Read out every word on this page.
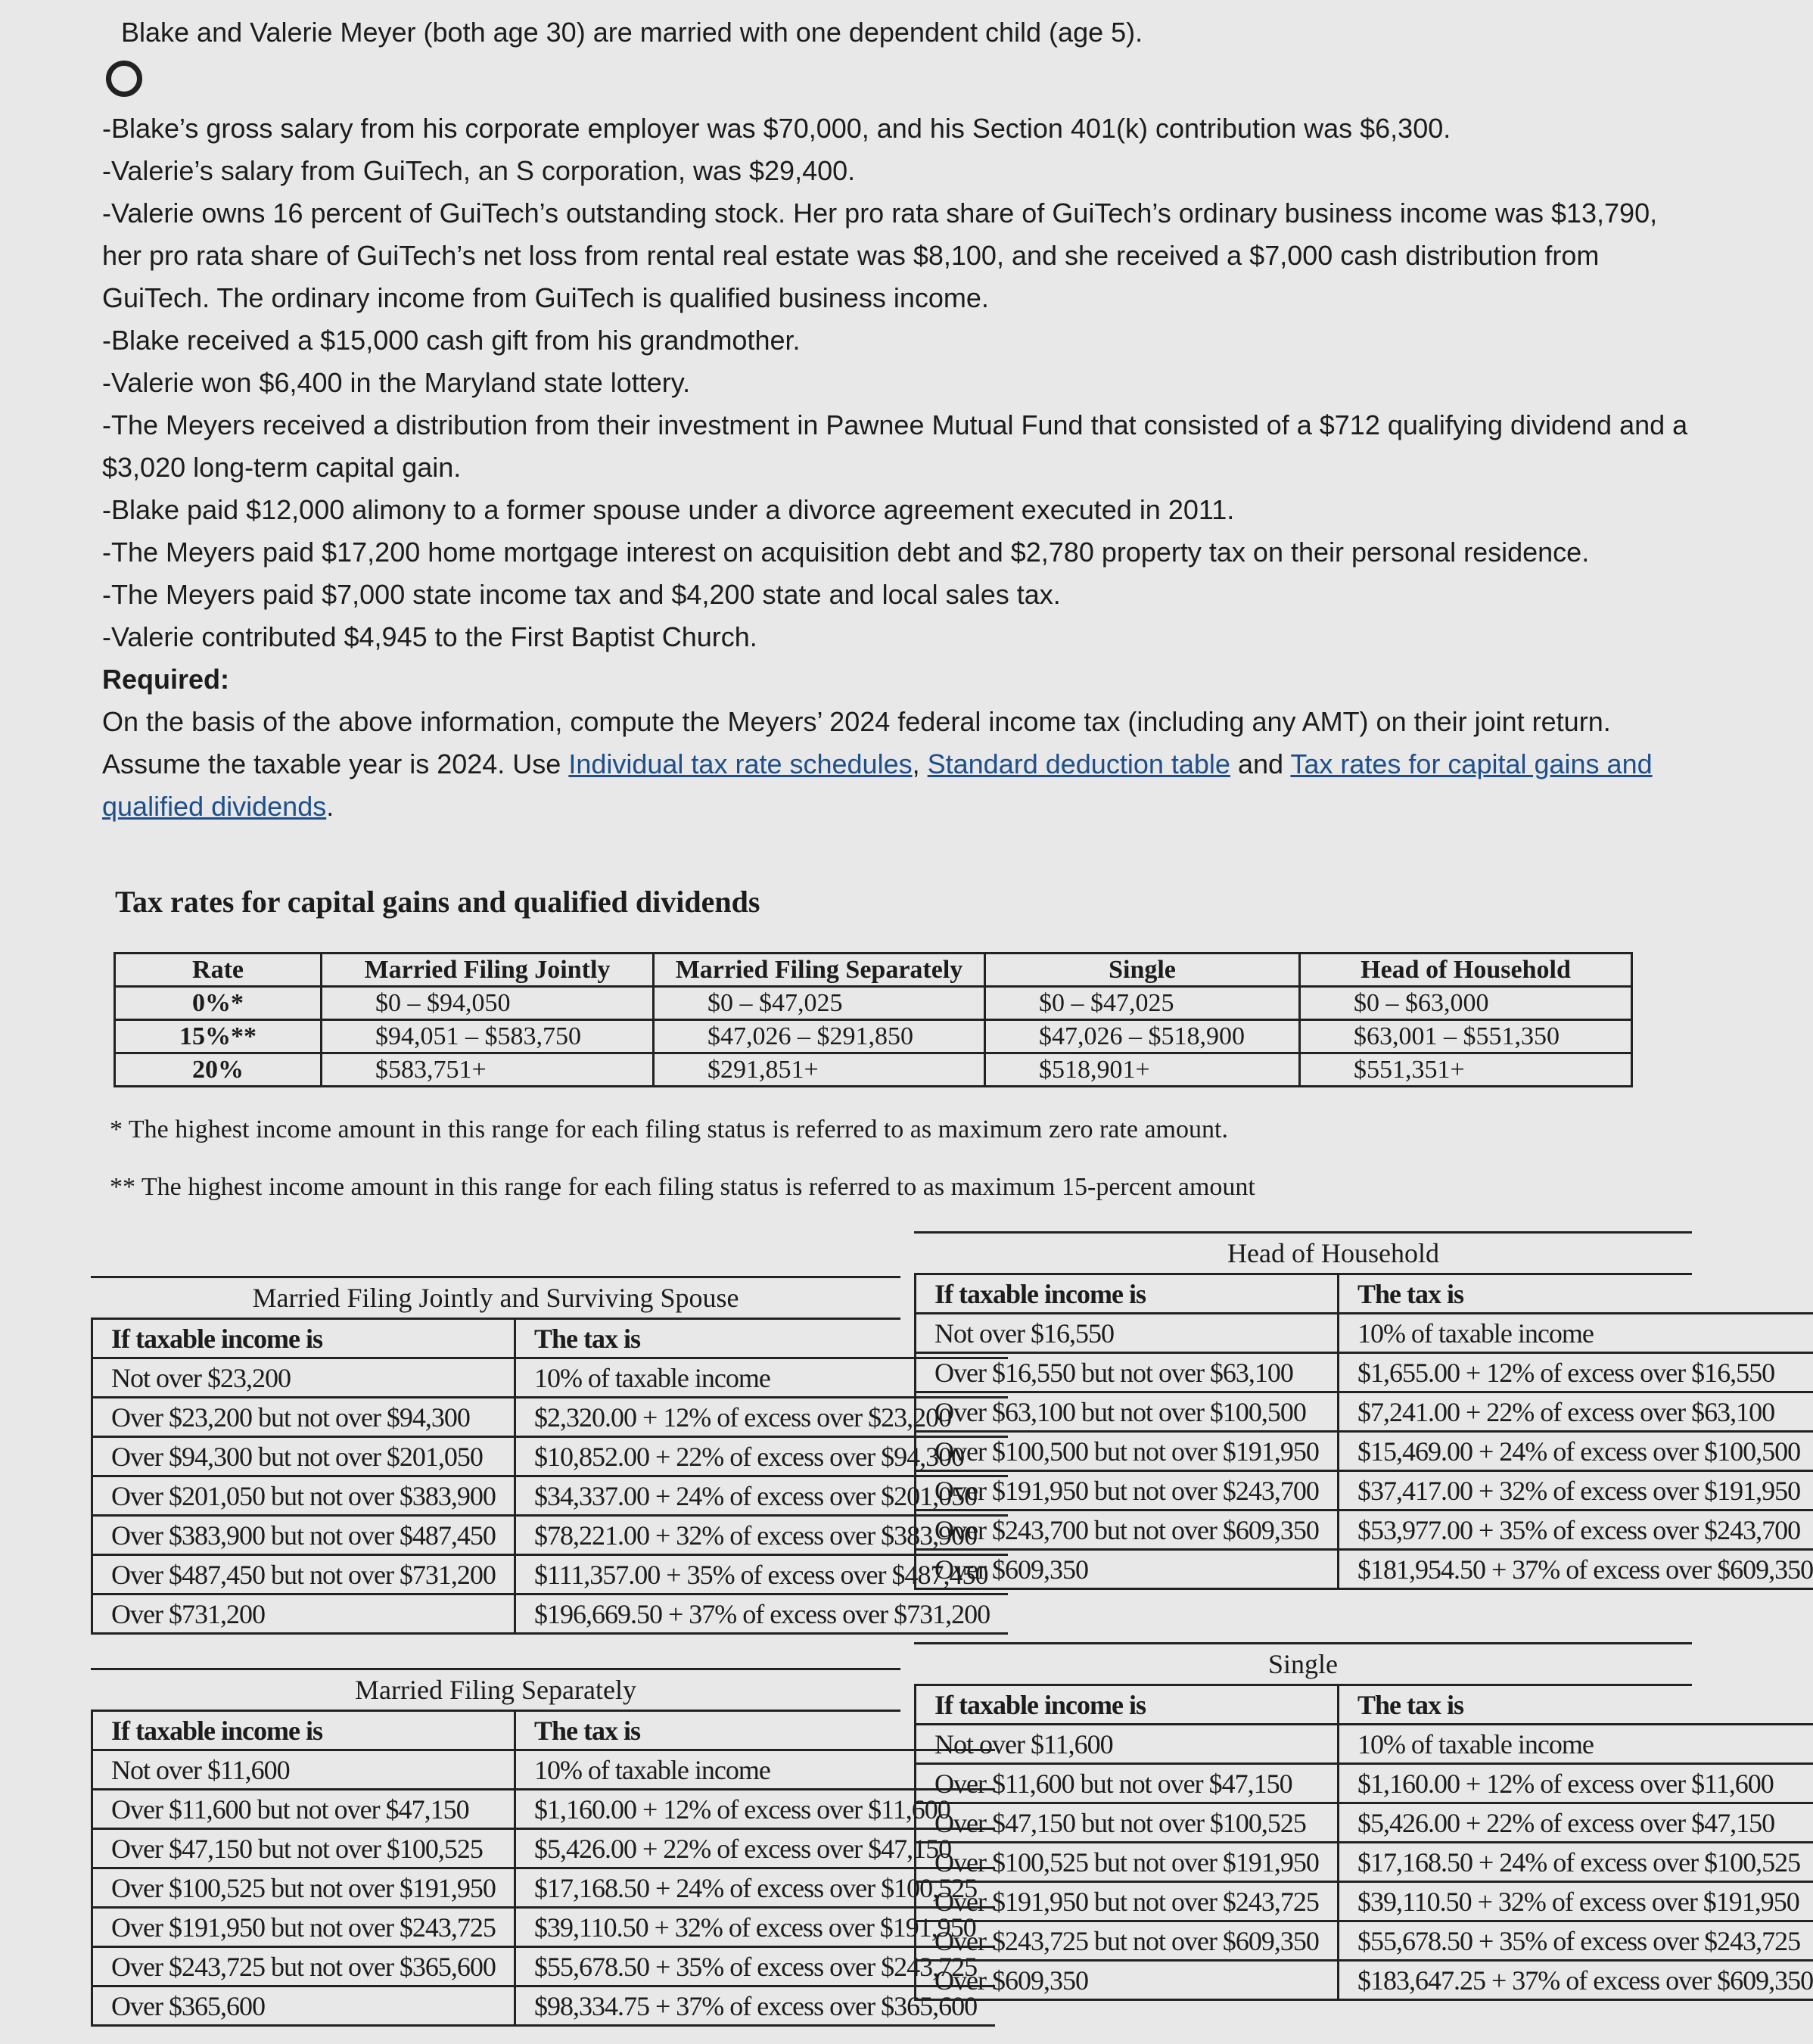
Blake and Valerie Meyer (both age 30) are married with one dependent child (age 5).

-Blake’s gross salary from his corporate employer was $70,000, and his Section 401(k) contribution was $6,300.

-Valerie’s salary from GuiTech, an S corporation, was $29,400.

-Valerie owns 16 percent of GuiTech’s outstanding stock. Her pro rata share of GuiTech’s ordinary business income was $13,790, her pro rata share of GuiTech’s net loss from rental real estate was $8,100, and she received a $7,000 cash distribution from GuiTech. The ordinary income from GuiTech is qualified business income.

-Blake received a $15,000 cash gift from his grandmother.

-Valerie won $6,400 in the Maryland state lottery.

-The Meyers received a distribution from their investment in Pawnee Mutual Fund that consisted of a $712 qualifying dividend and a $3,020 long-term capital gain.

-Blake paid $12,000 alimony to a former spouse under a divorce agreement executed in 2011.

-The Meyers paid $17,200 home mortgage interest on acquisition debt and $2,780 property tax on their personal residence.

-The Meyers paid $7,000 state income tax and $4,200 state and local sales tax.

-Valerie contributed $4,945 to the First Baptist Church.

Required:

On the basis of the above information, compute the Meyers’ 2024 federal income tax (including any AMT) on their joint return. Assume the taxable year is 2024. Use Individual tax rate schedules, Standard deduction table and Tax rates for capital gains and qualified dividends.

Tax rates for capital gains and qualified dividends
Rate	Married Filing Jointly	Married Filing Separately	Single	Head of Household
0%*	$0 – $94,050	$0 – $47,025	$0 – $47,025	$0 – $63,000
15%**	$94,051 – $583,750	$47,026 – $291,850	$47,026 – $518,900	$63,001 – $551,350
20%	$583,751+	$291,851+	$518,901+	$551,351+
* The highest income amount in this range for each filing status is referred to as maximum zero rate amount.
** The highest income amount in this range for each filing status is referred to as maximum 15-percent amount
Married Filing Jointly and Surviving Spouse
If taxable income is	The tax is
Not over $23,200	10% of taxable income
Over $23,200 but not over $94,300	$2,320.00 + 12% of excess over $23,200
Over $94,300 but not over $201,050	$10,852.00 + 22% of excess over $94,300
Over $201,050 but not over $383,900	$34,337.00 + 24% of excess over $201,050
Over $383,900 but not over $487,450	$78,221.00 + 32% of excess over $383,900
Over $487,450 but not over $731,200	$111,357.00 + 35% of excess over $487,450
Over $731,200	$196,669.50 + 37% of excess over $731,200
Head of Household
If taxable income is	The tax is
Not over $16,550	10% of taxable income
Over $16,550 but not over $63,100	$1,655.00 + 12% of excess over $16,550
Over $63,100 but not over $100,500	$7,241.00 + 22% of excess over $63,100
Over $100,500 but not over $191,950	$15,469.00 + 24% of excess over $100,500
Over $191,950 but not over $243,700	$37,417.00 + 32% of excess over $191,950
Over $243,700 but not over $609,350	$53,977.00 + 35% of excess over $243,700
Over $609,350	$181,954.50 + 37% of excess over $609,350
Married Filing Separately
If taxable income is	The tax is
Not over $11,600	10% of taxable income
Over $11,600 but not over $47,150	$1,160.00 + 12% of excess over $11,600
Over $47,150 but not over $100,525	$5,426.00 + 22% of excess over $47,150
Over $100,525 but not over $191,950	$17,168.50 + 24% of excess over $100,525
Over $191,950 but not over $243,725	$39,110.50 + 32% of excess over $191,950
Over $243,725 but not over $365,600	$55,678.50 + 35% of excess over $243,725
Over $365,600	$98,334.75 + 37% of excess over $365,600
Single
If taxable income is	The tax is
Not over $11,600	10% of taxable income
Over $11,600 but not over $47,150	$1,160.00 + 12% of excess over $11,600
Over $47,150 but not over $100,525	$5,426.00 + 22% of excess over $47,150
Over $100,525 but not over $191,950	$17,168.50 + 24% of excess over $100,525
Over $191,950 but not over $243,725	$39,110.50 + 32% of excess over $191,950
Over $243,725 but not over $609,350	$55,678.50 + 35% of excess over $243,725
Over $609,350	$183,647.25 + 37% of excess over $609,350
